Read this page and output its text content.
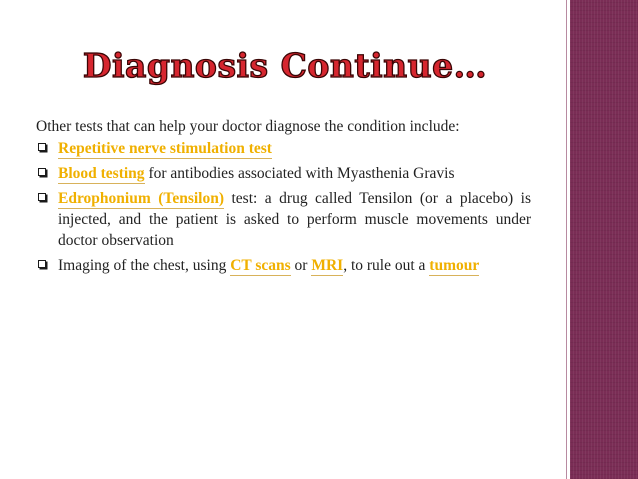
Diagnosis Continue…

Other tests that can help your doctor diagnose the condition include:

Repetitive nerve stimulation test
Blood testing for antibodies associated with Myasthenia Gravis
Edrophonium (Tensilon) test: a drug called Tensilon (or a placebo) is injected, and the patient is asked to perform muscle movements under doctor observation
Imaging of the chest, using CT scans or MRI, to rule out a tumour
